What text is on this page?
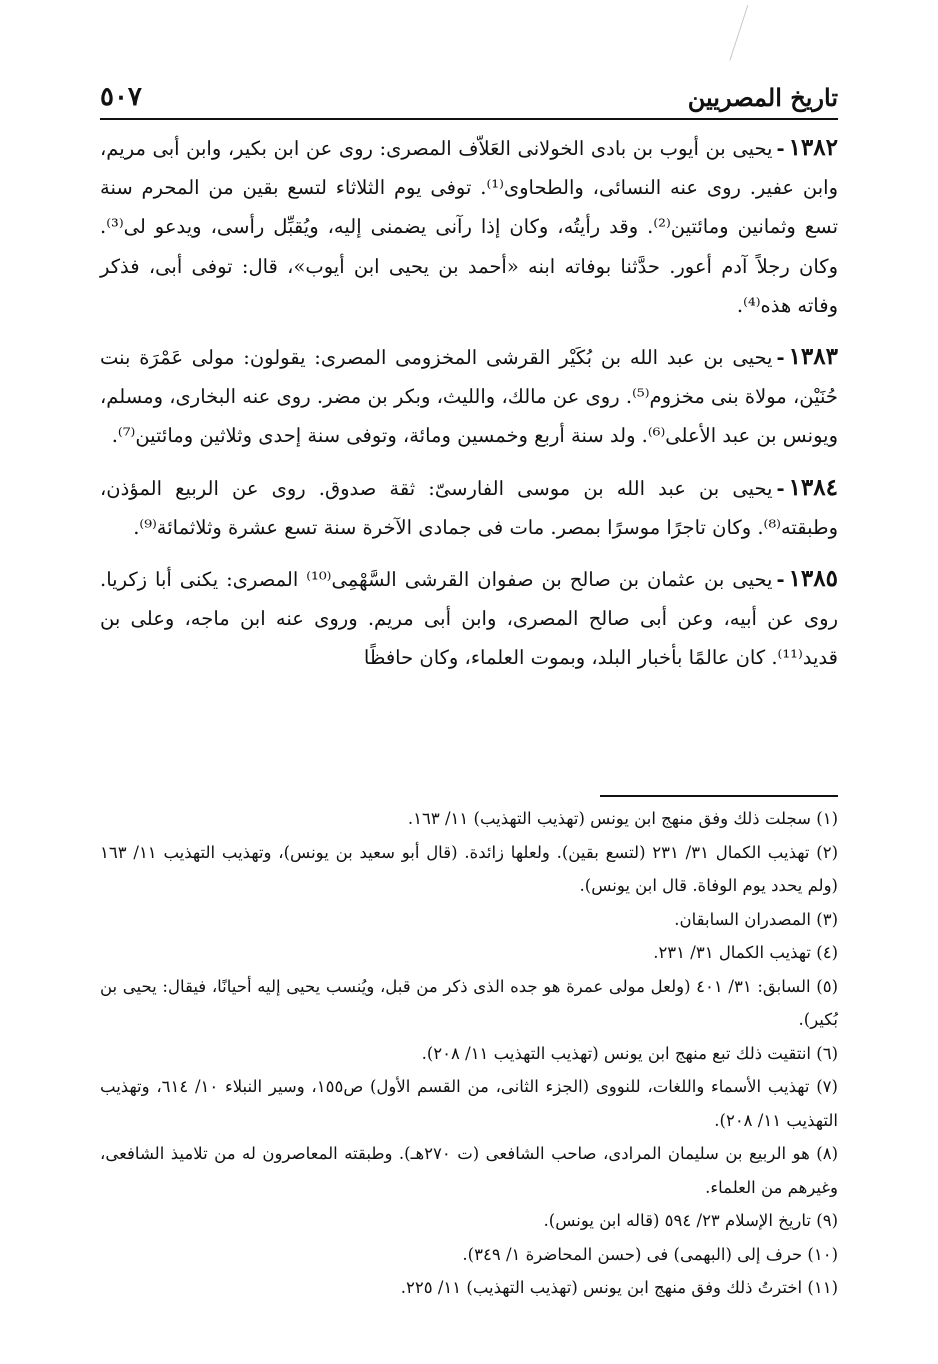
تاريخ المصريين
٥٠٧

١٣٨٢-يحيى بن أيوب بن بادى الخولانى العَلاّف المصرى: روى عن ابن بكير، وابن أبى مريم، وابن عفير. روى عنه النسائى، والطحاوى⁽¹⁾. توفى يوم الثلاثاء لتسع بقين من المحرم سنة تسع وثمانين ومائتين⁽²⁾. وقد رأيتُه، وكان إذا رآنى يضمنى إليه، ويُقبِّل رأسى، ويدعو لى⁽³⁾. وكان رجلاً آدم أعور. حدَّثنا بوفاته ابنه «أحمد بن يحيى ابن أيوب»، قال: توفى أبى، فذكر وفاته هذه⁽⁴⁾.

١٣٨٣-يحيى بن عبد الله بن بُكَيْر القرشى المخزومى المصرى: يقولون: مولى عَمْرَة بنت حُنَيْن، مولاة بنى مخزوم⁽⁵⁾. روى عن مالك، والليث، وبكر بن مضر. روى عنه البخارى، ومسلم، ويونس بن عبد الأعلى⁽⁶⁾. ولد سنة أربع وخمسين ومائة، وتوفى سنة إحدى وثلاثين ومائتين⁽⁷⁾.

١٣٨٤-يحيى بن عبد الله بن موسى الفارسىّ: ثقة صدوق. روى عن الربيع المؤذن، وطبقته⁽⁸⁾. وكان تاجرًا موسرًا بمصر. مات فى جمادى الآخرة سنة تسع عشرة وثلاثمائة⁽⁹⁾.

١٣٨٥-يحيى بن عثمان بن صالح بن صفوان القرشى السَّهْمِى⁽¹⁰⁾ المصرى: يكنى أبا زكريا. روى عن أبيه، وعن أبى صالح المصرى، وابن أبى مريم. وروى عنه ابن ماجه، وعلى بن قديد⁽¹¹⁾. كان عالمًا بأخبار البلد، وبموت العلماء، وكان حافظًا

(١) سجلت ذلك وفق منهج ابن يونس (تهذيب التهذيب) ١١/ ١٦٣.
(٢) تهذيب الكمال ٣١/ ٢٣١ (لتسع بقين). ولعلها زائدة. (قال أبو سعيد بن يونس)، وتهذيب التهذيب ١١/ ١٦٣ (ولم يحدد يوم الوفاة. قال ابن يونس).
(٣) المصدران السابقان.
(٤) تهذيب الكمال ٣١/ ٢٣١.
(٥) السابق: ٣١/ ٤٠١ (ولعل مولى عمرة هو جده الذى ذكر من قبل، ويُنسب يحيى إليه أحيانًا، فيقال: يحيى بن بُكير).
(٦) انتقيت ذلك تبع منهج ابن يونس (تهذيب التهذيب ١١/ ٢٠٨).
(٧) تهذيب الأسماء واللغات، للنووى (الجزء الثانى، من القسم الأول) ص١٥٥، وسير النبلاء ١٠/ ٦١٤، وتهذيب التهذيب ١١/ ٢٠٨).
(٨) هو الربيع بن سليمان المرادى، صاحب الشافعى (ت ٢٧٠هـ). وطبقته المعاصرون له من تلاميذ الشافعى، وغيرهم من العلماء.
(٩) تاريخ الإسلام ٢٣/ ٥٩٤ (قاله ابن يونس).
(١٠) حرف إلى (البهمى) فى (حسن المحاضرة ١/ ٣٤٩).
(١١) اخترتُ ذلك وفق منهج ابن يونس (تهذيب التهذيب) ١١/ ٢٢٥.
